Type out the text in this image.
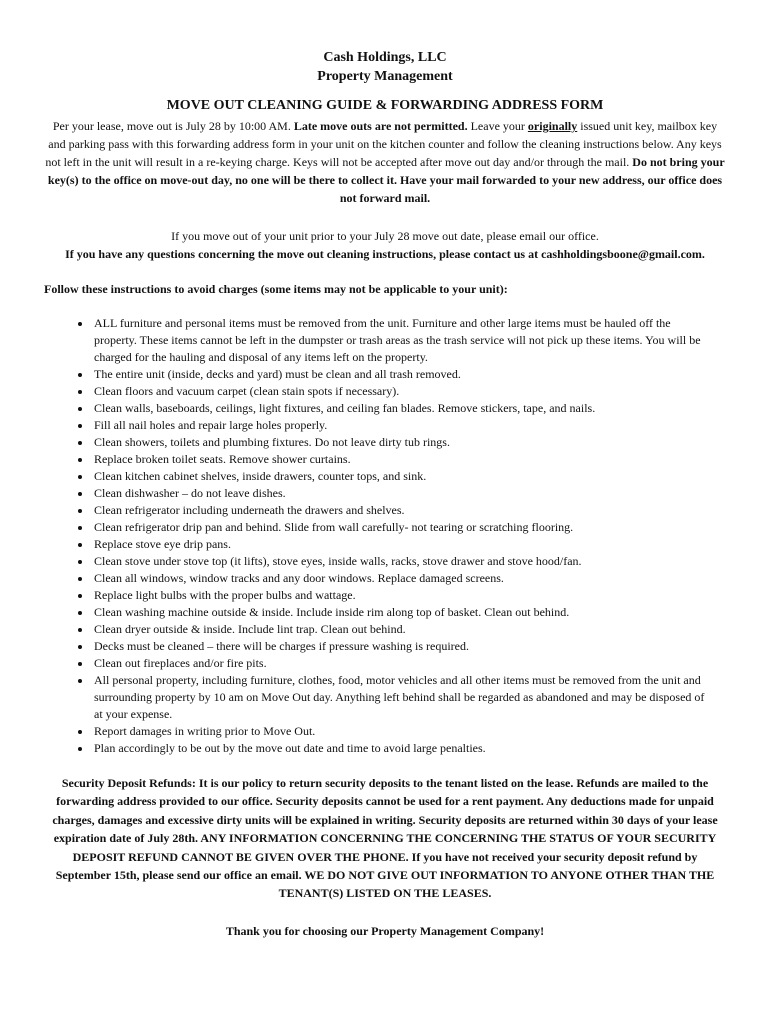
Cash Holdings, LLC
Property Management
MOVE OUT CLEANING GUIDE & FORWARDING ADDRESS FORM
Per your lease, move out is July 28 by 10:00 AM. Late move outs are not permitted. Leave your originally issued unit key, mailbox key and parking pass with this forwarding address form in your unit on the kitchen counter and follow the cleaning instructions below. Any keys not left in the unit will result in a re-keying charge. Keys will not be accepted after move out day and/or through the mail. Do not bring your key(s) to the office on move-out day, no one will be there to collect it. Have your mail forwarded to your new address, our office does not forward mail.
If you move out of your unit prior to your July 28 move out date, please email our office.
If you have any questions concerning the move out cleaning instructions, please contact us at cashholdingsboone@gmail.com.
Follow these instructions to avoid charges (some items may not be applicable to your unit):
• ALL furniture and personal items must be removed from the unit. Furniture and other large items must be hauled off the property. These items cannot be left in the dumpster or trash areas as the trash service will not pick up these items. You will be charged for the hauling and disposal of any items left on the property.
• The entire unit (inside, decks and yard) must be clean and all trash removed.
• Clean floors and vacuum carpet (clean stain spots if necessary).
• Clean walls, baseboards, ceilings, light fixtures, and ceiling fan blades. Remove stickers, tape, and nails.
• Fill all nail holes and repair large holes properly.
• Clean showers, toilets and plumbing fixtures. Do not leave dirty tub rings.
• Replace broken toilet seats. Remove shower curtains.
• Clean kitchen cabinet shelves, inside drawers, counter tops, and sink.
• Clean dishwasher – do not leave dishes.
• Clean refrigerator including underneath the drawers and shelves.
• Clean refrigerator drip pan and behind. Slide from wall carefully- not tearing or scratching flooring.
• Replace stove eye drip pans.
• Clean stove under stove top (it lifts), stove eyes, inside walls, racks, stove drawer and stove hood/fan.
• Clean all windows, window tracks and any door windows. Replace damaged screens.
• Replace light bulbs with the proper bulbs and wattage.
• Clean washing machine outside & inside. Include inside rim along top of basket. Clean out behind.
• Clean dryer outside & inside. Include lint trap. Clean out behind.
• Decks must be cleaned – there will be charges if pressure washing is required.
• Clean out fireplaces and/or fire pits.
• All personal property, including furniture, clothes, food, motor vehicles and all other items must be removed from the unit and surrounding property by 10 am on Move Out day. Anything left behind shall be regarded as abandoned and may be disposed of at your expense.
• Report damages in writing prior to Move Out.
• Plan accordingly to be out by the move out date and time to avoid large penalties.
Security Deposit Refunds: It is our policy to return security deposits to the tenant listed on the lease. Refunds are mailed to the forwarding address provided to our office. Security deposits cannot be used for a rent payment. Any deductions made for unpaid charges, damages and excessive dirty units will be explained in writing. Security deposits are returned within 30 days of your lease expiration date of July 28th. ANY INFORMATION CONCERNING THE CONCERNING THE STATUS OF YOUR SECURITY DEPOSIT REFUND CANNOT BE GIVEN OVER THE PHONE. If you have not received your security deposit refund by September 15th, please send our office an email. WE DO NOT GIVE OUT INFORMATION TO ANYONE OTHER THAN THE TENANT(S) LISTED ON THE LEASES.
Thank you for choosing our Property Management Company!
